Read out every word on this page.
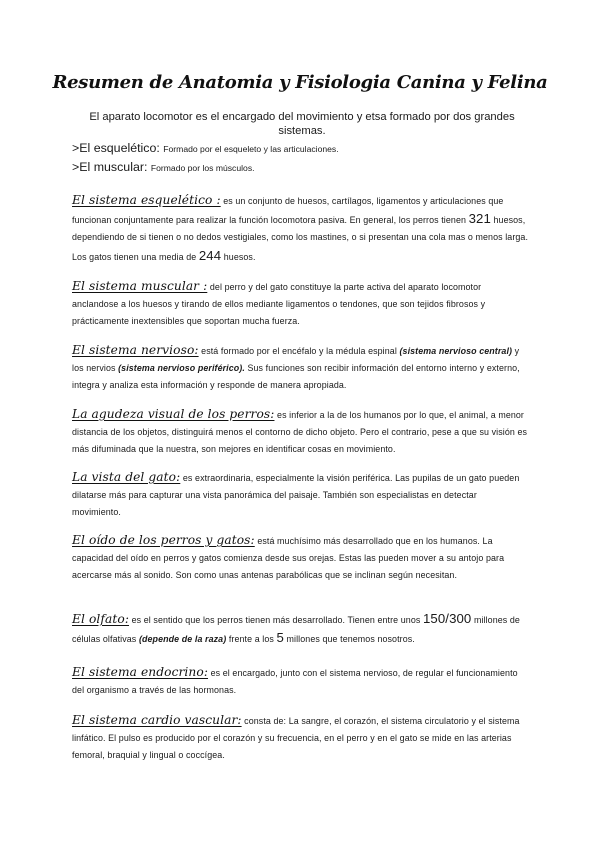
Resumen de Anatomia y Fisiologia Canina y Felina
El aparato locomotor es el encargado del movimiento y etsa formado por dos grandes sistemas.
>El esquelético: Formado por el esqueleto y las articulaciones.
>El muscular: Formado por los músculos.
El sistema esquelético : es un conjunto de huesos, cartílagos, ligamentos y articulaciones que funcionan conjuntamente para realizar la función locomotora pasiva. En general, los perros tienen 321 huesos, dependiendo de si tienen o no dedos vestigiales, como los mastines, o si presentan una cola mas o menos larga. Los gatos tienen una media de 244 huesos.
El sistema muscular : del perro y del gato constituye la parte activa del aparato locomotor anclandose a los huesos y tirando de ellos mediante ligamentos o tendones, que son tejidos fibrosos y prácticamente inextensibles que soportan mucha fuerza.
El sistema nervioso: está formado por el encéfalo y la médula espinal (sistema nervioso central) y los nervios (sistema nervioso periférico). Sus funciones son recibir información del entorno interno y externo, integra y analiza esta información y responde de manera apropiada.
La agudeza visual de los perros: es inferior a la de los humanos por lo que, el animal, a menor distancia de los objetos, distinguirá menos el contorno de dicho objeto. Pero el contrario, pese a que su visión es más difuminada que la nuestra, son mejores en identificar cosas en movimiento.
La vista del gato: es extraordinaria, especialmente la visión periférica. Las pupilas de un gato pueden dilatarse más para capturar una vista panorámica del paisaje. También son especialistas en detectar movimiento.
El oído de los perros y gatos: está muchísimo más desarrollado que en los humanos. La capacidad del oído en perros y gatos comienza desde sus orejas. Estas las pueden mover a su antojo para acercarse más al sonido. Son como unas antenas parabólicas que se inclinan según necesitan.
El olfato: es el sentido que los perros tienen más desarrollado. Tienen entre unos 150/300 millones de células olfativas (depende de la raza) frente a los 5 millones que tenemos nosotros.
El sistema endocrino: es el encargado, junto con el sistema nervioso, de regular el funcionamiento del organismo a través de las hormonas.
El sistema cardio vascular: consta de: La sangre, el corazón, el sistema circulatorio y el sistema linfático. El pulso es producido por el corazón y su frecuencia, en el perro y en el gato se mide en las arterias femoral, braquial y lingual o coccígea.
